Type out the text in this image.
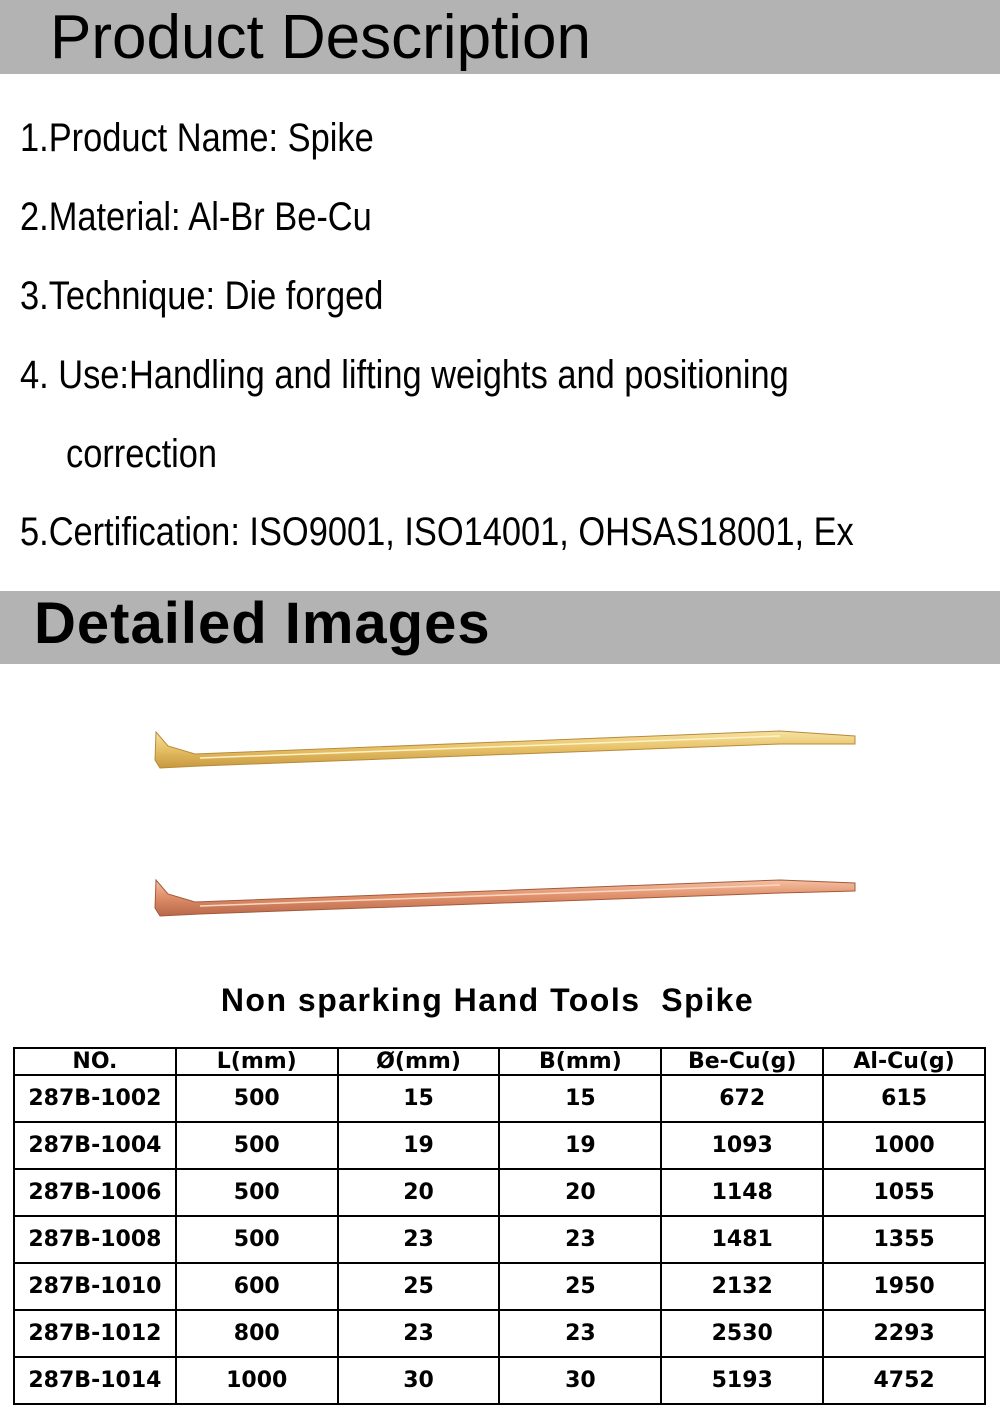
Product Description
1.Product Name: Spike
2.Material: Al-Br Be-Cu
3.Technique: Die forged
4. Use:Handling and lifting weights and positioning
correction
5.Certification: ISO9001, ISO14001, OHSAS18001, Ex
Detailed Images
Non sparking Hand Tools  Spike
NO.	L(mm)	Ø(mm)	B(mm)	Be-Cu(g)	Al-Cu(g)
287B-1002	500	15	15	672	615
287B-1004	500	19	19	1093	1000
287B-1006	500	20	20	1148	1055
287B-1008	500	23	23	1481	1355
287B-1010	600	25	25	2132	1950
287B-1012	800	23	23	2530	2293
287B-1014	1000	30	30	5193	4752
